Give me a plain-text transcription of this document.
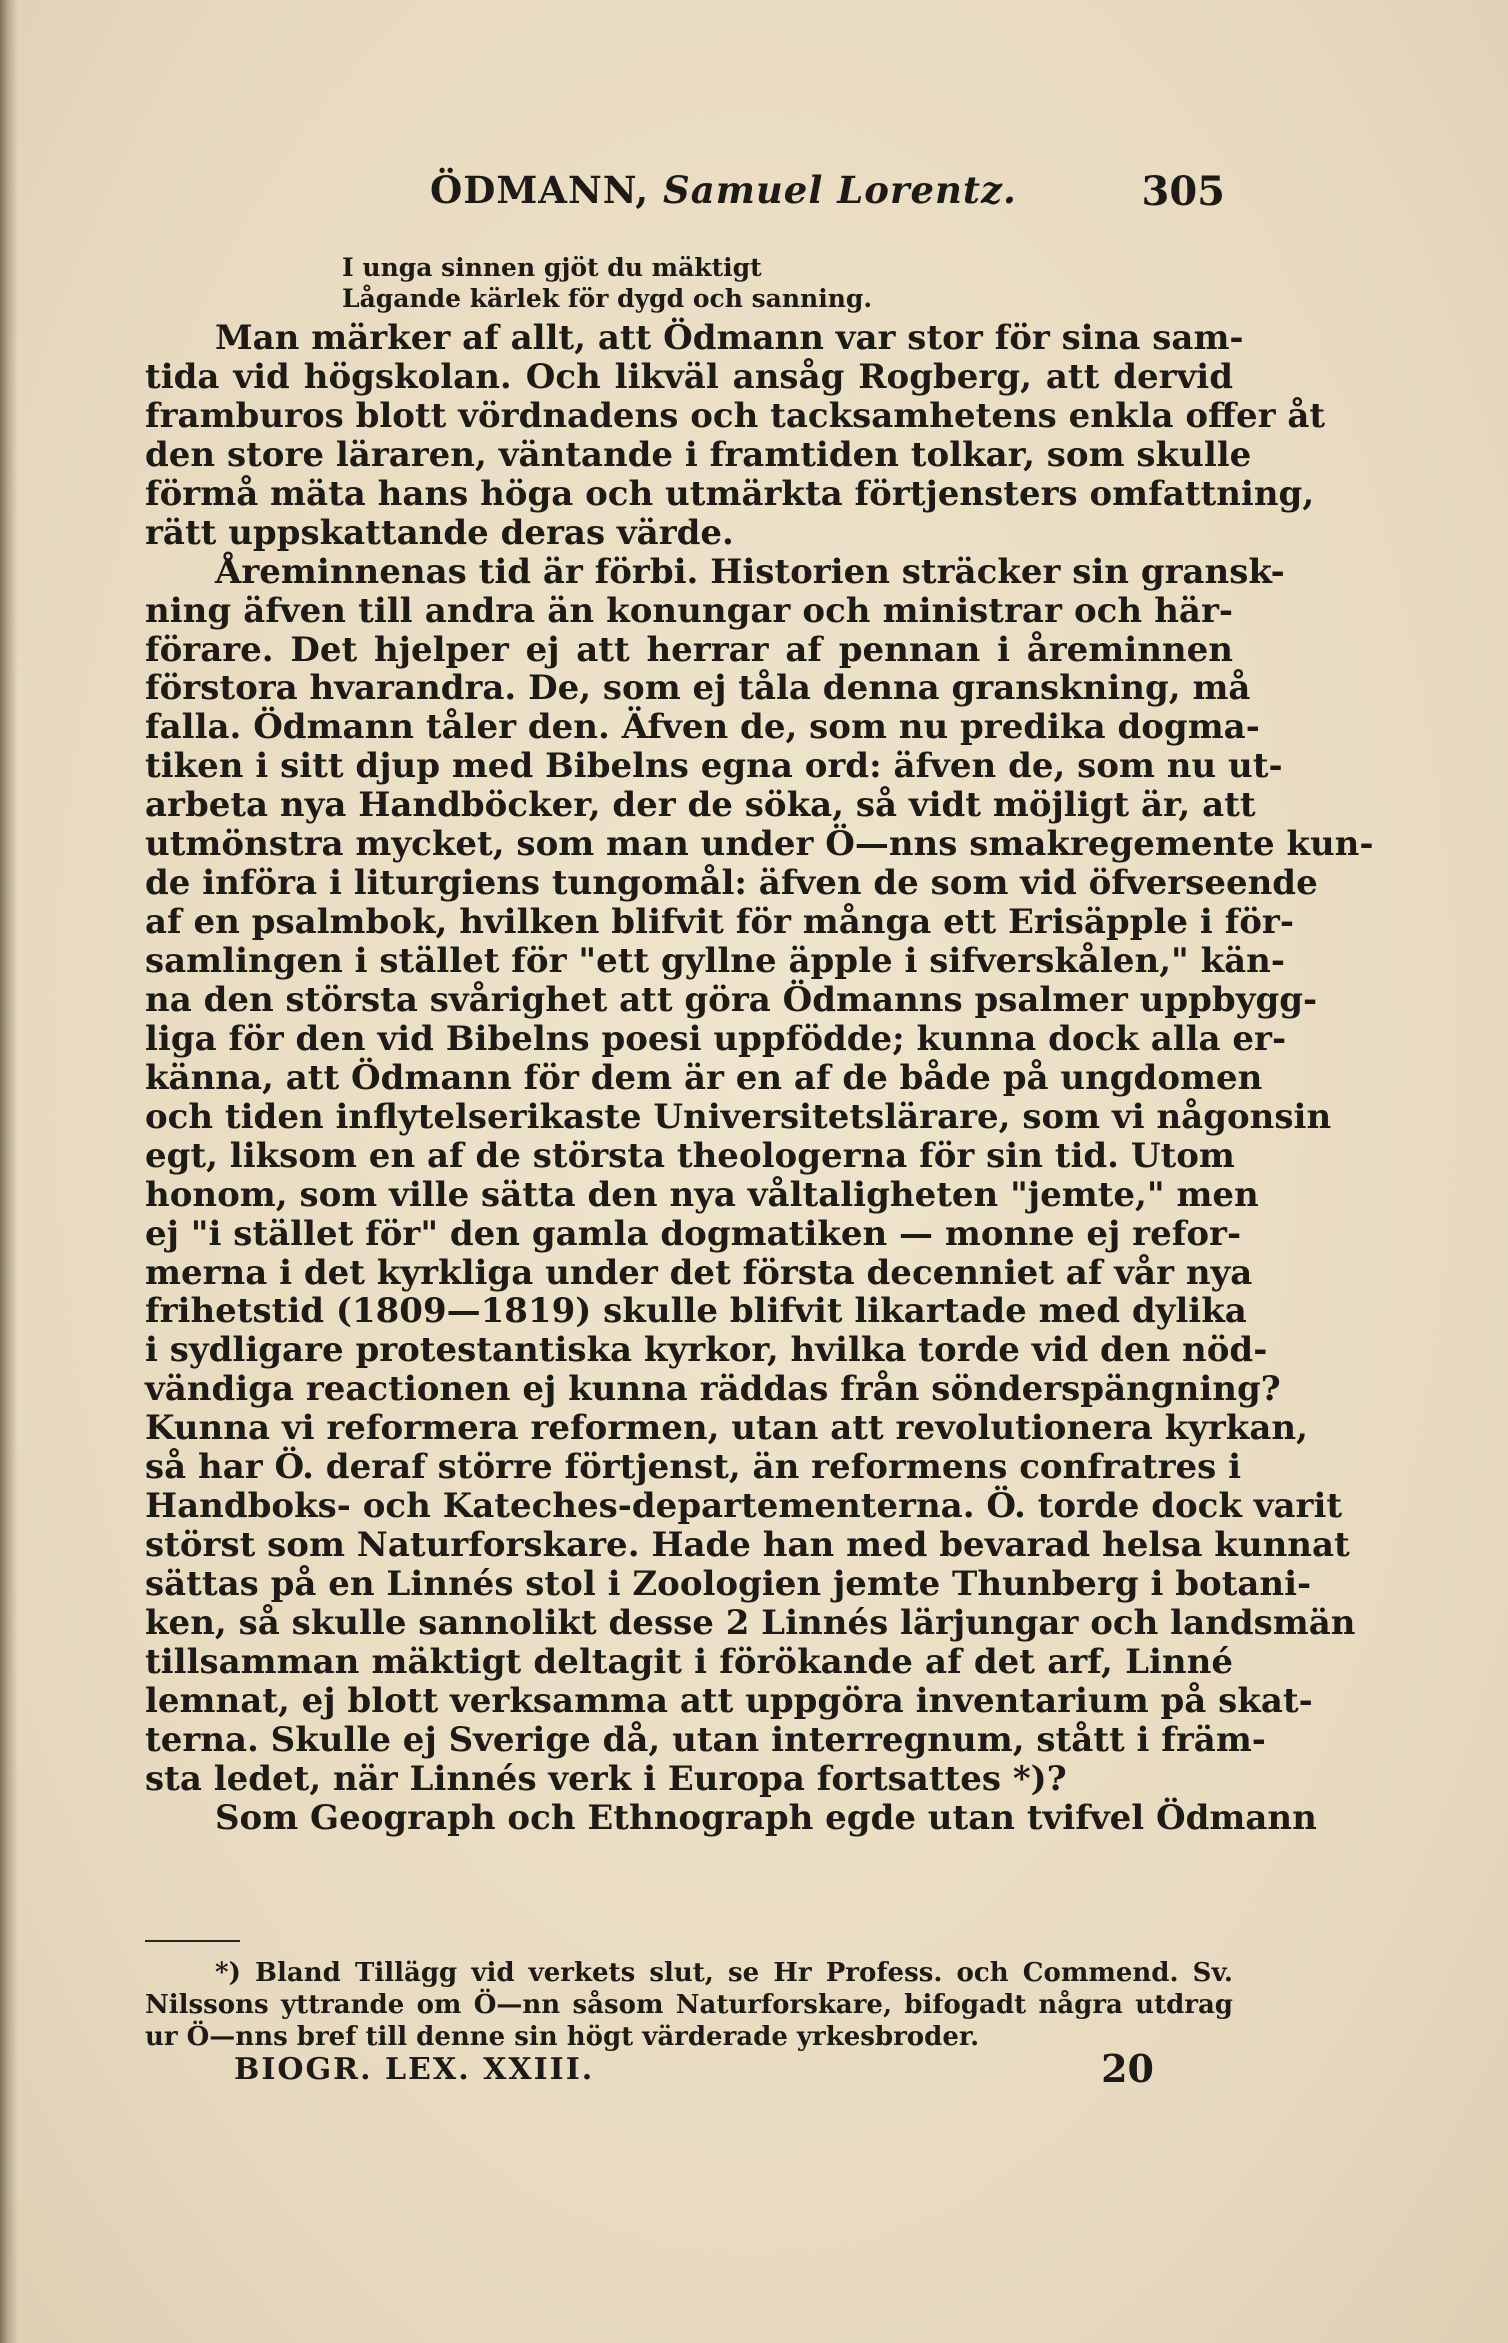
ÖDMANN, Samuel Lorentz.	305
I unga sinnen gjöt du mäktigt
Lågande kärlek för dygd och sanning.
Man märker af allt, att Ödmann var stor för sina sam-
tida vid högskolan. Och likväl ansåg Rogberg, att dervid
framburos blott vördnadens och tacksamhetens enkla offer åt
den store läraren, väntande i framtiden tolkar, som skulle
förmå mäta hans höga och utmärkta förtjensters omfattning,
rätt uppskattande deras värde.
Åreminnenas tid är förbi. Historien sträcker sin gransk-
ning äfven till andra än konungar och ministrar och här-
förare. Det hjelper ej att herrar af pennan i åreminnen
förstora hvarandra. De, som ej tåla denna granskning, må
falla. Ödmann tåler den. Äfven de, som nu predika dogma-
tiken i sitt djup med Bibelns egna ord: äfven de, som nu ut-
arbeta nya Handböcker, der de söka, så vidt möjligt är, att
utmönstra mycket, som man under Ö—nns smakregemente kun-
de införa i liturgiens tungomål: äfven de som vid öfverseende
af en psalmbok, hvilken blifvit för många ett Erisäpple i för-
samlingen i stället för "ett gyllne äpple i sifverskålen," kän-
na den största svårighet att göra Ödmanns psalmer uppbygg-
liga för den vid Bibelns poesi uppfödde; kunna dock alla er-
känna, att Ödmann för dem är en af de både på ungdomen
och tiden inflytelserikaste Universitetslärare, som vi någonsin
egt, liksom en af de största theologerna för sin tid. Utom
honom, som ville sätta den nya våltaligheten "jemte," men
ej "i stället för" den gamla dogmatiken — monne ej refor-
merna i det kyrkliga under det första decenniet af vår nya
frihetstid (1809—1819) skulle blifvit likartade med dylika
i sydligare protestantiska kyrkor, hvilka torde vid den nöd-
vändiga reactionen ej kunna räddas från sönderspängning?
Kunna vi reformera reformen, utan att revolutionera kyrkan,
så har Ö. deraf större förtjenst, än reformens confratres i
Handboks- och Kateches-departementerna. Ö. torde dock varit
störst som Naturforskare. Hade han med bevarad helsa kunnat
sättas på en Linnés stol i Zoologien jemte Thunberg i botani-
ken, så skulle sannolikt desse 2 Linnés lärjungar och landsmän
tillsamman mäktigt deltagit i förökande af det arf, Linné
lemnat, ej blott verksamma att uppgöra inventarium på skat-
terna. Skulle ej Sverige då, utan interregnum, stått i främ-
sta ledet, när Linnés verk i Europa fortsattes *)?
Som Geograph och Ethnograph egde utan tvifvel Ödmann
*) Bland Tillägg vid verkets slut, se Hr Profess. och Commend. Sv.
Nilssons yttrande om Ö—nn såsom Naturforskare, bifogadt några utdrag
ur Ö—nns bref till denne sin högt värderade yrkesbroder.
BIOGR. LEX. XXIII.	20
